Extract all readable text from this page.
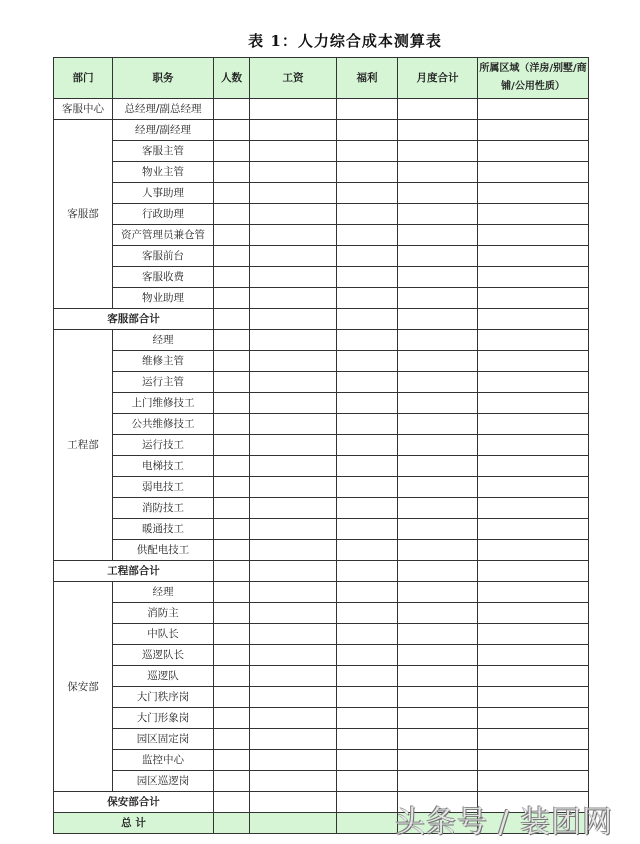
表 1：人力综合成本测算表
部门	职务	人数	工资	福利	月度合计	所属区域（洋房/别墅/商铺/公用性质）
客服中心	总经理/副总经理					
客服部	经理/副经理					
	客服主管					
	物业主管					
	人事助理					
	行政助理					
	资产管理员兼仓管					
	客服前台					
	客服收费					
	物业助理					
客服部合计						
工程部	经理					
	维修主管					
	运行主管					
	上门维修技工					
	公共维修技工					
	运行技工					
	电梯技工					
	弱电技工					
	消防技工					
	暖通技工					
	供配电技工					
工程部合计						
保安部	经理					
	消防主					
	中队长					
	巡逻队长					
	巡逻队					
	大门秩序岗					
	大门形象岗					
	园区固定岗					
	监控中心					
	园区巡逻岗					
保安部合计						
总 计							头条号 / 装团网
